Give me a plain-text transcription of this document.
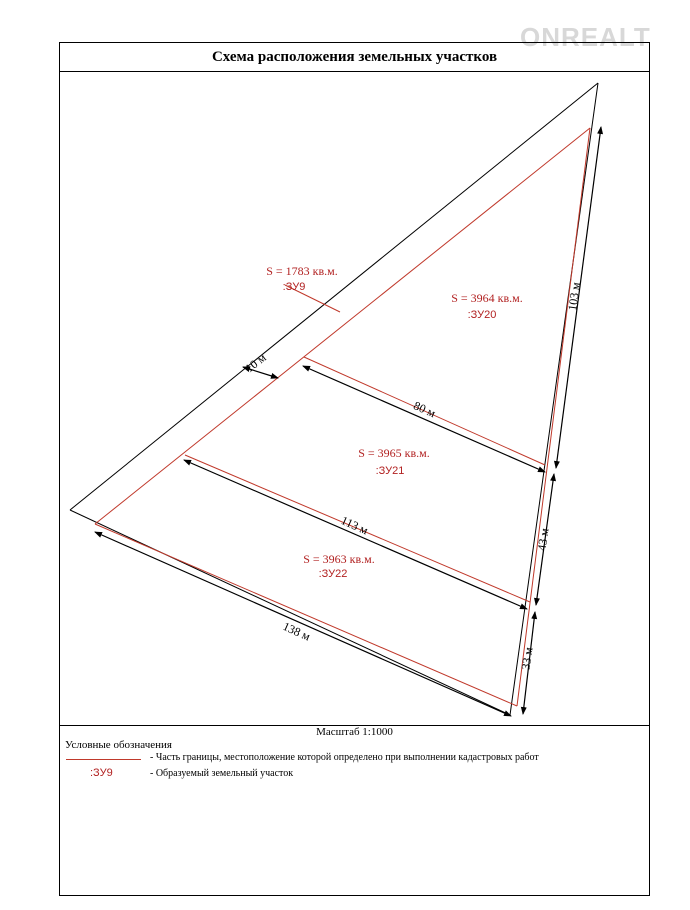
ONREALT
Схема расположения земельных участков
Масштаб 1:1000
Условные обозначения
- Часть границы, местоположение которой определено при выполнении кадастровых работ
:ЗУ9	- Образуемый земельный участок
10 м
80 м
113 м
138 м
103 м
43 м
33 м
S = 1783 кв.м.
:ЗУ9
S = 3964 кв.м.
:ЗУ20
S = 3965 кв.м.
:ЗУ21
S = 3963 кв.м.
:ЗУ22
